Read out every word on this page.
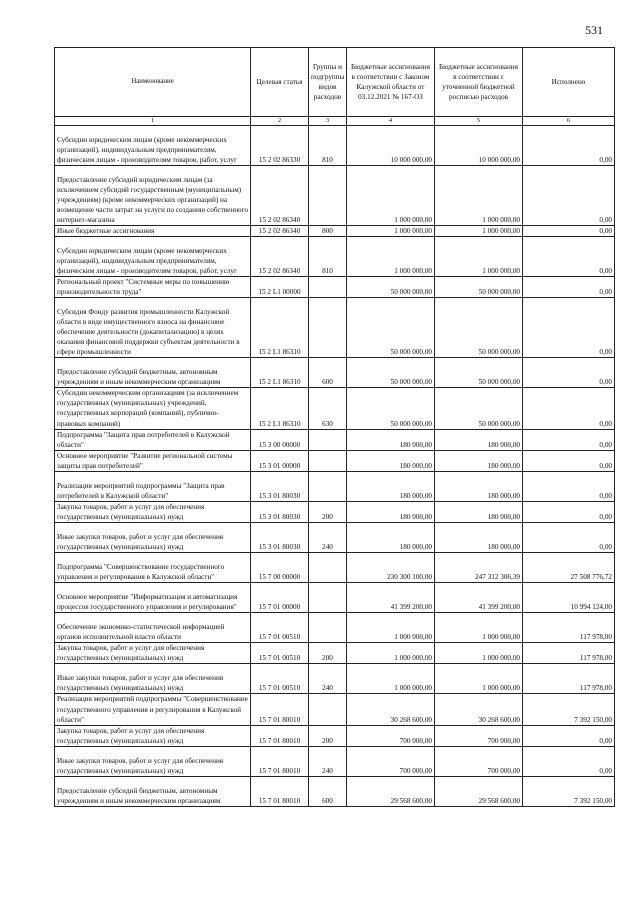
531
Наименование	Целевая статья	Группы и подгруппы видов расходов	Бюджетные ассигнования в соответствии с Законом Калужской области от 03.12.2021 № 167-ОЗ	Бюджетные ассигнования в соответствии с уточненной бюджетной росписью расходов	Исполнено
1	2	3	4	5	6
Субсидии юридическим лицам (кроме некоммерческих организаций), индивидуальным предпринимателям, физическим лицам - производителям товаров, работ, услуг	15 2 02 86330	810	10 000 000,00	10 000 000,00	0,00
Предоставление субсидий юридическим лицам (за исключением субсидий государственным (муниципальным) учреждениям) (кроме некоммерческих организаций) на возмещение части затрат на услуги по созданию собственного интернет-магазина	15 2 02 86340		1 000 000,00	1 000 000,00	0,00
Иные бюджетные ассигнования	15 2 02 86340	800	1 000 000,00	1 000 000,00	0,00
Субсидии юридическим лицам (кроме некоммерческих организаций), индивидуальным предпринимателям, физическим лицам - производителям товаров, работ, услуг	15 2 02 86340	810	1 000 000,00	1 000 000,00	0,00
Региональный проект "Системные меры по повышению производительности труда"	15 2 L1 00000		50 000 000,00	50 000 000,00	0,00
Субсидия Фонду развития промышленности Калужской области в виде имущественного взноса на финансовое обеспечение деятельности (докапитализацию) в целях оказания финансовой поддержки субъектам деятельности в сфере промышленности	15 2 L1 86310		50 000 000,00	50 000 000,00	0,00
Предоставление субсидий бюджетным, автономным учреждениям и иным некоммерческим организациям	15 2 L1 86310	600	50 000 000,00	50 000 000,00	0,00
Субсидии некоммерческим организациям (за исключением государственных (муниципальных) учреждений, государственных корпораций (компаний), публично-правовых компаний)	15 2 L1 86310	630	50 000 000,00	50 000 000,00	0,00
Подпрограмма "Защита прав потребителей в Калужской области"	15 3 00 00000		180 000,00	180 000,00	0,00
Основное мероприятие "Развитие региональной системы защиты прав потребителей"	15 3 01 00000		180 000,00	180 000,00	0,00
Реализация мероприятий подпрограммы "Защита прав потребителей в Калужской области"	15 3 01 80030		180 000,00	180 000,00	0,00
Закупка товаров, работ и услуг для обеспечения государственных (муниципальных) нужд	15 3 01 80030	200	180 000,00	180 000,00	0,00
Иные закупки товаров, работ и услуг для обеспечения государственных (муниципальных) нужд	15 3 01 80030	240	180 000,00	180 000,00	0,00
Подпрограмма "Совершенствование государственного управления и регулирования в Калужской области"	15 7 00 00000		230 300 100,00	247 312 306,39	27 508 776,72
Основное мероприятие "Информатизация и автоматизация процессов государственного управления и регулирования"	15 7 01 00000		41 399 200,00	41 399 200,00	10 994 124,00
Обеспечение экономико-статистической информацией органов исполнительной власти области	15 7 01 00510		1 000 000,00	1 000 000,00	117 978,00
Закупка товаров, работ и услуг для обеспечения государственных (муниципальных) нужд	15 7 01 00510	200	1 000 000,00	1 000 000,00	117 978,00
Иные закупки товаров, работ и услуг для обеспечения государственных (муниципальных) нужд	15 7 01 00510	240	1 000 000,00	1 000 000,00	117 978,00
Реализация мероприятий подпрограммы "Совершенствование государственного управления и регулирования в Калужской области"	15 7 01 80010		30 268 600,00	30 268 600,00	7 392 150,00
Закупка товаров, работ и услуг для обеспечения государственных (муниципальных) нужд	15 7 01 80010	200	700 000,00	700 000,00	0,00
Иные закупки товаров, работ и услуг для обеспечения государственных (муниципальных) нужд	15 7 01 80010	240	700 000,00	700 000,00	0,00
Предоставление субсидий бюджетным, автономным учреждениям и иным некоммерческим организациям	15 7 01 80010	600	29 568 600,00	29 568 600,00	7 392 150,00
